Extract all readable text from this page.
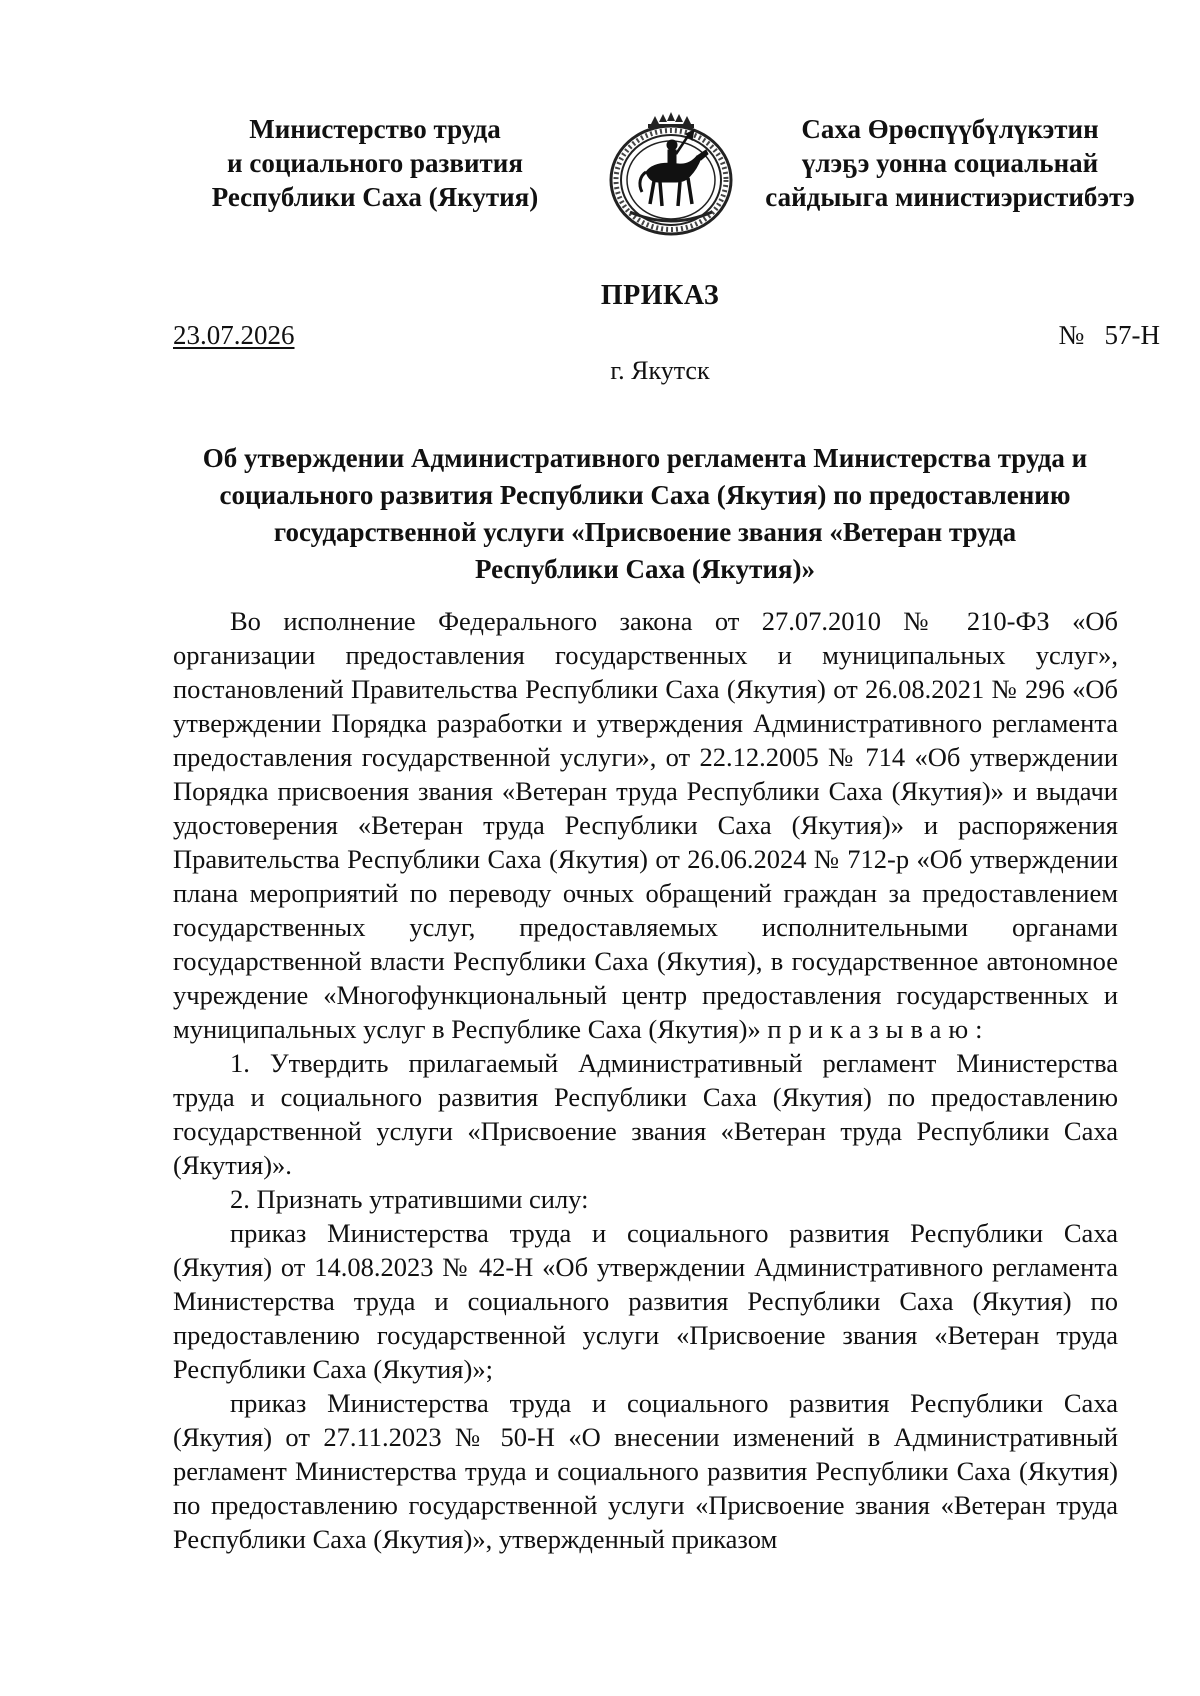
Министерство труда
и социального развития
Республики Саха (Якутия)
Саха Өрөспүүбүлүкэтин
үлэҕэ уонна социальнай
сайдыыга министиэристибэтэ
ПРИКАЗ
23.07.2026	№   57-Н
г. Якутск
Об утверждении Административного регламента Министерства труда и
социального развития Республики Саха (Якутия) по предоставлению
государственной услуги «Присвоение звания «Ветеран труда
Республики Саха (Якутия)»

Во исполнение Федерального закона от 27.07.2010 № 210-ФЗ «Об организации предоставления государственных и муниципальных услуг», постановлений Правительства Республики Саха (Якутия) от 26.08.2021 № 296 «Об утверждении Порядка разработки и утверждения Административного регламента предоставления государственной услуги», от 22.12.2005 № 714 «Об утверждении Порядка присвоения звания «Ветеран труда Республики Саха (Якутия)» и выдачи удостоверения «Ветеран труда Республики Саха (Якутия)» и распоряжения Правительства Республики Саха (Якутия) от 26.06.2024 № 712-р «Об утверждении плана мероприятий по переводу очных обращений граждан за предоставлением государственных услуг, предоставляемых исполнительными органами государственной власти Республики Саха (Якутия), в государственное автономное учреждение «Многофункциональный центр предоставления государственных и муниципальных услуг в Республике Саха (Якутия)» приказываю:

1. Утвердить прилагаемый Административный регламент Министерства труда и социального развития Республики Саха (Якутия) по предоставлению государственной услуги «Присвоение звания «Ветеран труда Республики Саха (Якутия)».

2. Признать утратившими силу:

приказ Министерства труда и социального развития Республики Саха (Якутия) от 14.08.2023 № 42-Н «Об утверждении Административного регламента Министерства труда и социального развития Республики Саха (Якутия) по предоставлению государственной услуги «Присвоение звания «Ветеран труда Республики Саха (Якутия)»;

приказ Министерства труда и социального развития Республики Саха (Якутия) от 27.11.2023 № 50-Н «О внесении изменений в Административный регламент Министерства труда и социального развития Республики Саха (Якутия) по предоставлению государственной услуги «Присвоение звания «Ветеран труда Республики Саха (Якутия)», утвержденный приказом
